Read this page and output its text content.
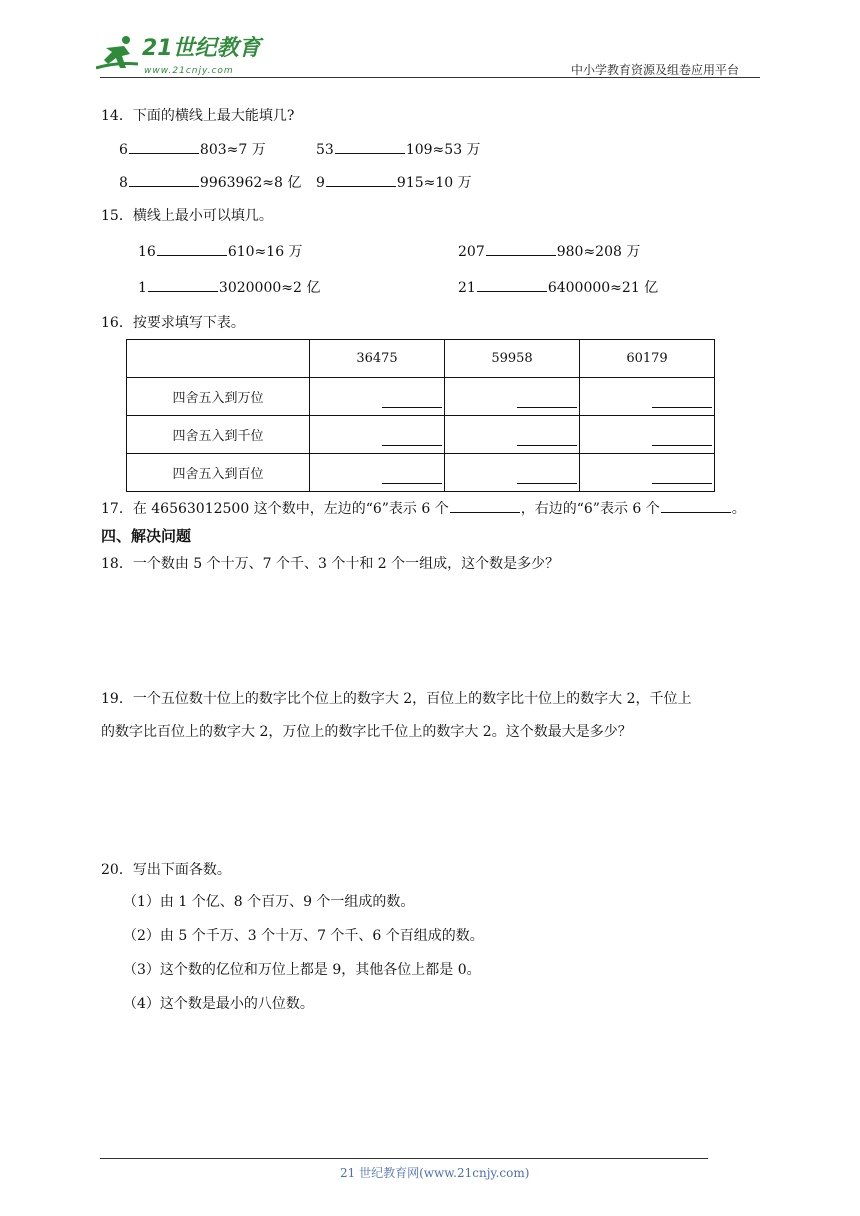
21世纪教育
www.21cnjy.com	中小学教育资源及组卷应用平台
14．下面的横线上最大能填几?
6	803≈7 万	53	109≈53 万
8	9963962≈8 亿 9	915≈10 万
15．横线上最小可以填几。
16	610≈16 万	207	980≈208 万
1	3020000≈2 亿	21	6400000≈21 亿
16．按要求填写下表。
	36475	59958	60179
四舍五入到万位	

四舍五入到千位	

四舍五入到百位	

17．在 46563012500 这个数中，左边的“6”表示 6 个	，右边的“6”表示 6 个	。
四、解决问题
18．一个数由 5 个十万、7 个千、3 个十和 2 个一组成，这个数是多少？
19．一个五位数十位上的数字比个位上的数字大 2，百位上的数字比十位上的数字大 2，千位上
的数字比百位上的数字大 2，万位上的数字比千位上的数字大 2。这个数最大是多少？
20．写出下面各数。
（1）由 1 个亿、8 个百万、9 个一组成的数。
（2）由 5 个千万、3 个十万、7 个千、6 个百组成的数。
（3）这个数的亿位和万位上都是 9，其他各位上都是 0。
（4）这个数是最小的八位数。
21 世纪教育网(www.21cnjy.com)
